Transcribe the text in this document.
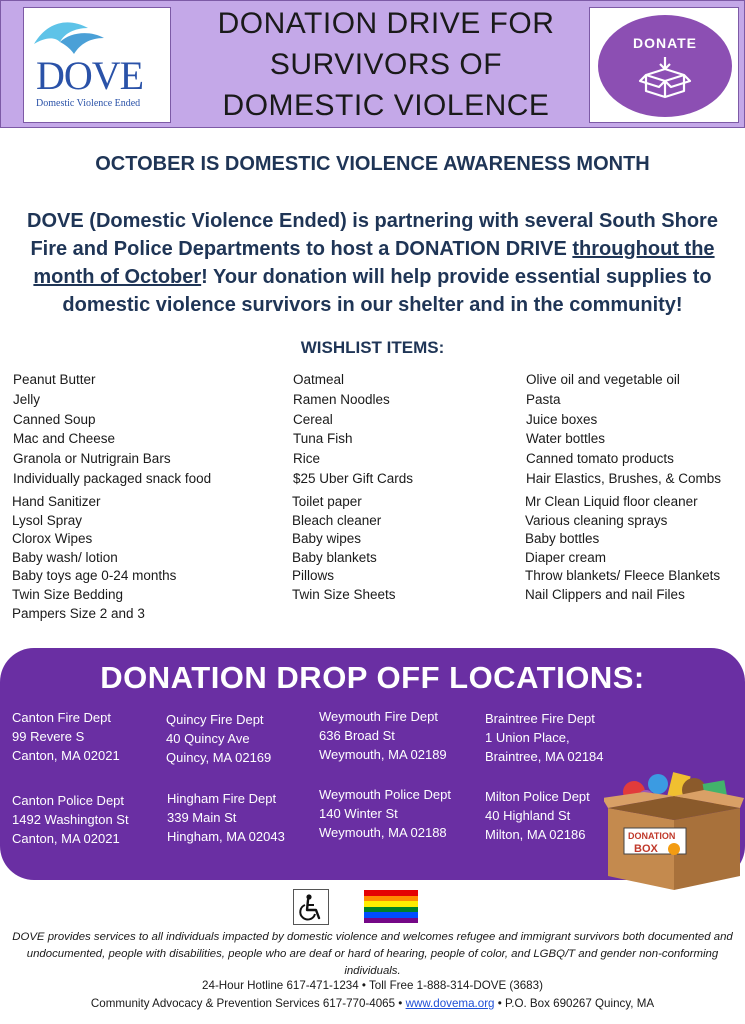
DOVE
Domestic Violence Ended
DONATION DRIVE FOR
SURVIVORS OF
DOMESTIC VIOLENCE
DONATE
OCTOBER IS DOMESTIC VIOLENCE AWARENESS MONTH
DOVE (Domestic Violence Ended) is partnering with several South Shore Fire and Police Departments to host a DONATION DRIVE throughout the month of October! Your donation will help provide essential supplies to domestic violence survivors in our shelter and in the community!
WISHLIST ITEMS:
Peanut Butter
Jelly
Canned Soup
Mac and Cheese
Granola or Nutrigrain Bars
Individually packaged snack food
Oatmeal
Ramen Noodles
Cereal
Tuna Fish
Rice
$25 Uber Gift Cards
Olive oil and vegetable oil
Pasta
Juice boxes
Water bottles
Canned tomato products
Hair Elastics, Brushes, & Combs
Hand Sanitizer
Lysol Spray
Clorox Wipes
Baby wash/ lotion
Baby toys age 0-24 months
Twin Size Bedding
Pampers Size 2 and 3
Toilet paper
Bleach cleaner
Baby wipes
Baby blankets
Pillows
Twin Size Sheets
Mr Clean Liquid floor cleaner
Various cleaning sprays
Baby bottles
Diaper cream
Throw blankets/ Fleece Blankets
Nail Clippers and nail Files
DONATION DROP OFF LOCATIONS:
Canton Fire Dept
99 Revere S
Canton, MA 02021
Quincy Fire Dept
40 Quincy Ave
Quincy, MA 02169
Weymouth Fire Dept
636 Broad St
Weymouth, MA 02189
Braintree Fire Dept
1 Union Place,
Braintree, MA 02184
Canton Police Dept
1492 Washington St
Canton, MA 02021
Hingham Fire Dept
339 Main St
Hingham, MA 02043
Weymouth Police Dept
140 Winter St
Weymouth, MA 02188
Milton Police Dept
40 Highland St
Milton, MA 02186	DONATION
BOX
DOVE provides services to all individuals impacted by domestic violence and welcomes refugee and immigrant survivors both documented and undocumented, people with disabilities, people who are deaf or hard of hearing, people of color, and LGBQ/T and gender non-conforming individuals.
24-Hour Hotline 617-471-1234 • Toll Free 1-888-314-DOVE (3683)
Community Advocacy & Prevention Services 617-770-4065 • www.dovema.org • P.O. Box 690267 Quincy, MA
